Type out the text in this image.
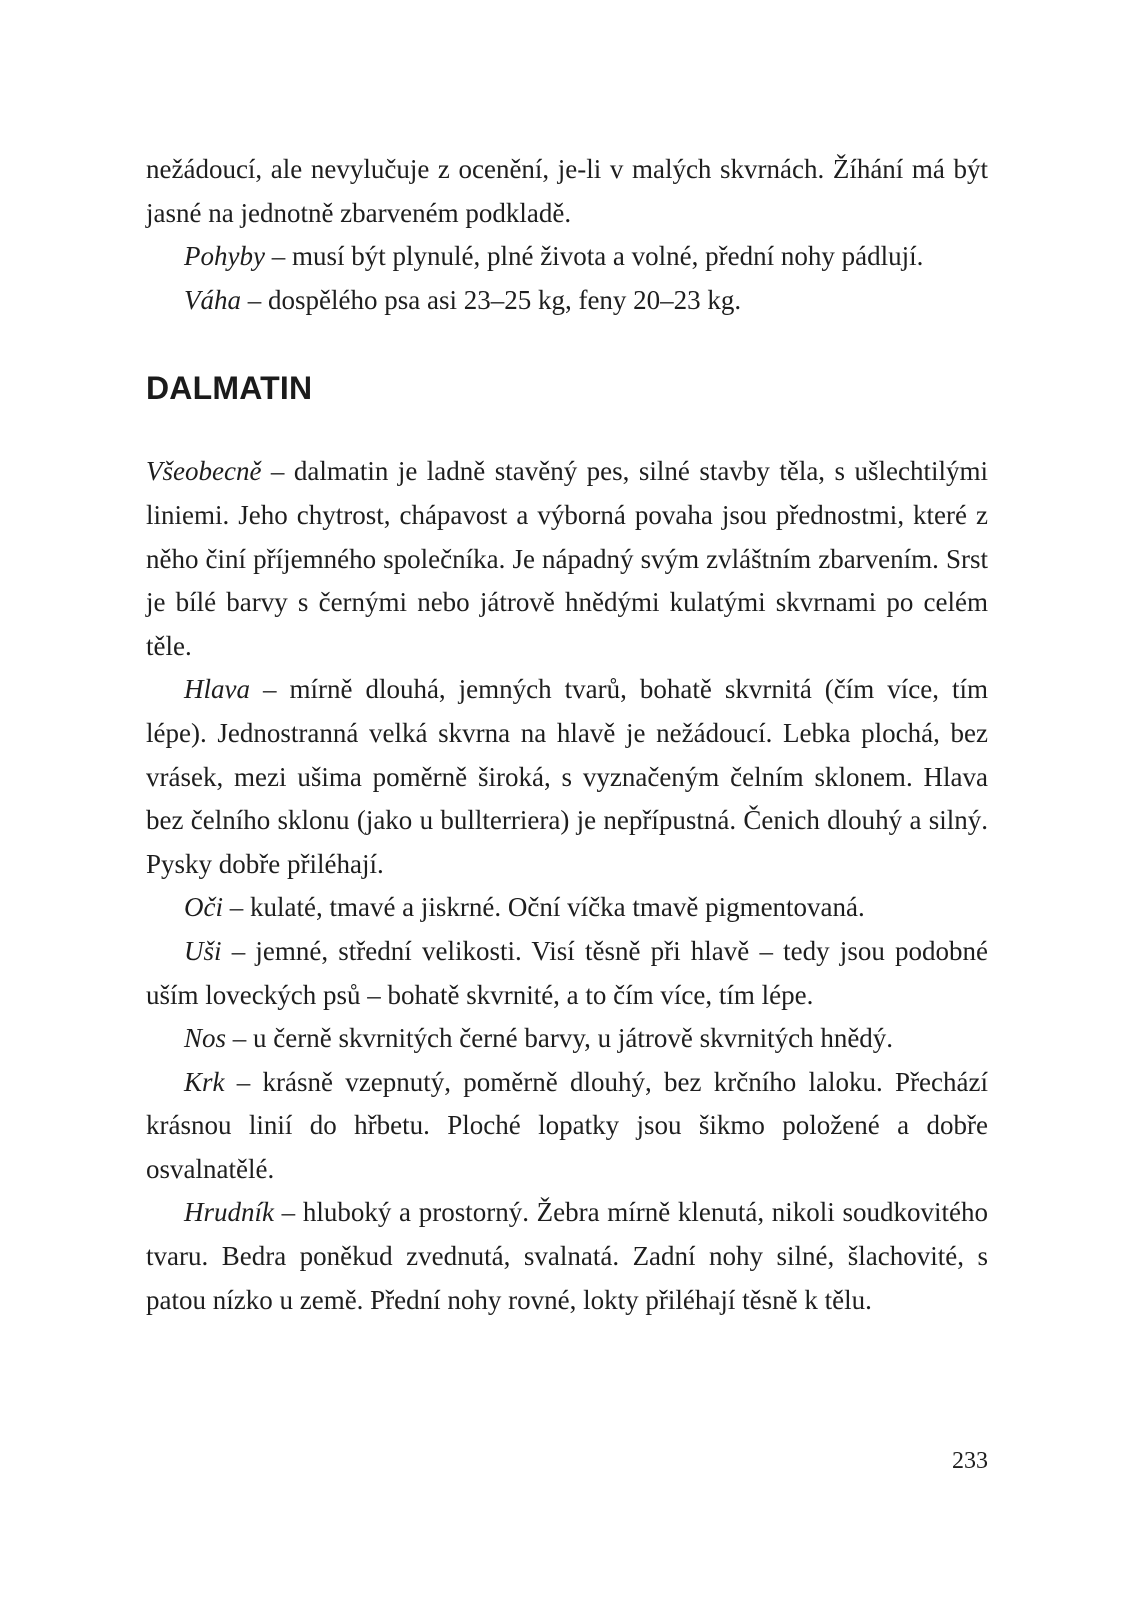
nežádoucí, ale nevylučuje z ocenění, je-li v malých skvrnách. Žíhání má být jasné na jednotně zbarveném podkladě.

Pohyby – musí být plynulé, plné života a volné, přední nohy pádlují.

Váha – dospělého psa asi 23–25 kg, feny 20–23 kg.

DALMATIN

Všeobecně – dalmatin je ladně stavěný pes, silné stavby těla, s ušlechtilými liniemi. Jeho chytrost, chápavost a výborná povaha jsou přednostmi, které z něho činí příjemného společníka. Je nápadný svým zvláštním zbarvením. Srst je bílé barvy s černými nebo játrově hnědými kulatými skvrnami po celém těle.

Hlava – mírně dlouhá, jemných tvarů, bohatě skvrnitá (čím více, tím lépe). Jednostranná velká skvrna na hlavě je nežádoucí. Lebka plochá, bez vrásek, mezi ušima poměrně široká, s vyznačeným čelním sklonem. Hlava bez čelního sklonu (jako u bullterriera) je nepřípustná. Čenich dlouhý a silný. Pysky dobře přiléhají.

Oči – kulaté, tmavé a jiskrné. Oční víčka tmavě pigmentovaná.

Uši – jemné, střední velikosti. Visí těsně při hlavě – tedy jsou podobné uším loveckých psů – bohatě skvrnité, a to čím více, tím lépe.

Nos – u černě skvrnitých černé barvy, u játrově skvrnitých hnědý.

Krk – krásně vzepnutý, poměrně dlouhý, bez krčního laloku. Přechází krásnou linií do hřbetu. Ploché lopatky jsou šikmo položené a dobře osvalnatělé.

Hrudník – hluboký a prostorný. Žebra mírně klenutá, nikoli soudkovitého tvaru. Bedra poněkud zvednutá, svalnatá. Zadní nohy silné, šlachovité, s patou nízko u země. Přední nohy rovné, lokty přiléhají těsně k tělu.

233
